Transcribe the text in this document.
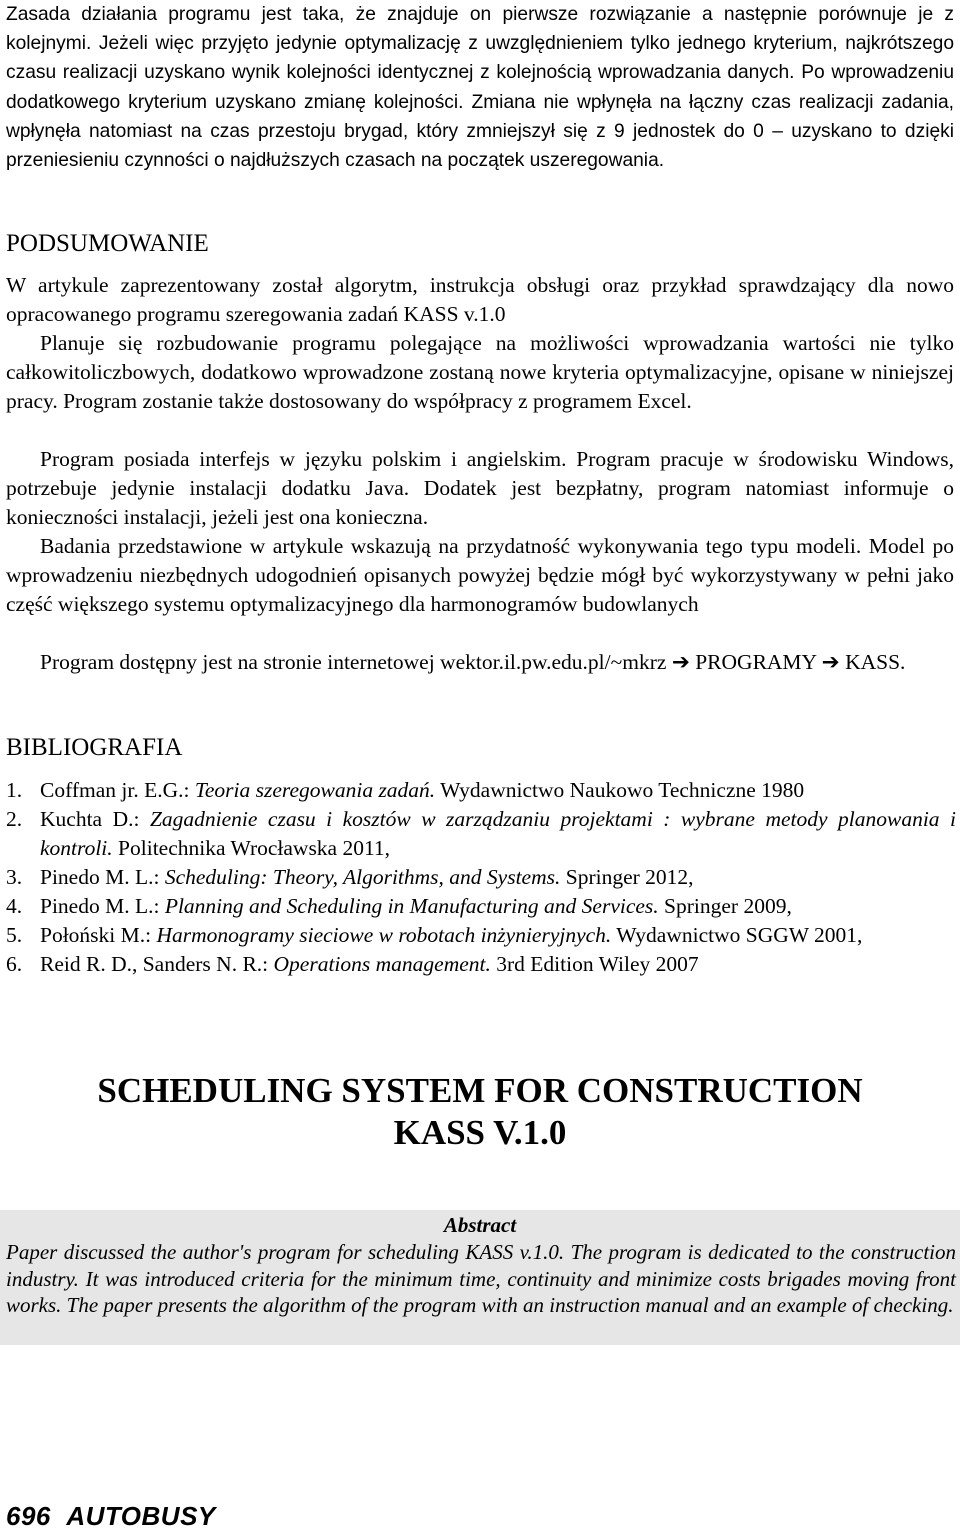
Zasada działania programu jest taka, że znajduje on pierwsze rozwiązanie a następnie porównuje je z kolejnymi. Jeżeli więc przyjęto jedynie optymalizację z uwzględnieniem tylko jednego kryterium, najkrótszego czasu realizacji uzyskano wynik kolejności identycznej z kolejnością wprowadzania danych. Po wprowadzeniu dodatkowego kryterium uzyskano zmianę kolejności. Zmiana nie wpłynęła na łączny czas realizacji zadania, wpłynęła natomiast na czas przestoju brygad, który zmniejszył się z 9 jednostek do 0 – uzyskano to dzięki przeniesieniu czynności o najdłuższych czasach na początek uszeregowania.

PODSUMOWANIE

W artykule zaprezentowany został algorytm, instrukcja obsługi oraz przykład sprawdzający dla nowo opracowanego programu szeregowania zadań KASS v.1.0

Planuje się rozbudowanie programu polegające na możliwości wprowadzania wartości nie tylko całkowitoliczbowych, dodatkowo wprowadzone zostaną nowe kryteria optymalizacyjne, opisane w niniejszej pracy. Program zostanie także dostosowany do współpracy z programem Excel.

Program posiada interfejs w języku polskim i angielskim. Program pracuje w środowisku Windows, potrzebuje jedynie instalacji dodatku Java. Dodatek jest bezpłatny, program natomiast informuje o konieczności instalacji, jeżeli jest ona konieczna.

Badania przedstawione w artykule wskazują na przydatność wykonywania tego typu modeli. Model po wprowadzeniu niezbędnych udogodnień opisanych powyżej będzie mógł być wykorzystywany w pełni jako część większego systemu optymalizacyjnego dla harmonogramów budowlanych

Program dostępny jest na stronie internetowej wektor.il.pw.edu.pl/~mkrz ➔ PROGRAMY ➔ KASS.

BIBLIOGRAFIA
1. Coffman jr. E.G.: Teoria szeregowania zadań. Wydawnictwo Naukowo Techniczne 1980
2. Kuchta D.: Zagadnienie czasu i kosztów w zarządzaniu projektami : wybrane metody planowania i kontroli. Politechnika Wrocławska 2011,
3. Pinedo M. L.: Scheduling: Theory, Algorithms, and Systems. Springer 2012,
4. Pinedo M. L.: Planning and Scheduling in Manufacturing and Services. Springer 2009,
5. Połoński M.: Harmonogramy sieciowe w robotach inżynieryjnych. Wydawnictwo SGGW 2001,
6. Reid R. D., Sanders N. R.: Operations management. 3rd Edition Wiley 2007
SCHEDULING SYSTEM FOR CONSTRUCTION
KASS V.1.0
Abstract

Paper discussed the author's program for scheduling KASS v.1.0. The program is dedicated to the construction industry. It was introduced criteria for the minimum time, continuity and minimize costs brigades moving front works. The paper presents the algorithm of the program with an instruction manual and an example of checking.

696 AUTOBUSY
